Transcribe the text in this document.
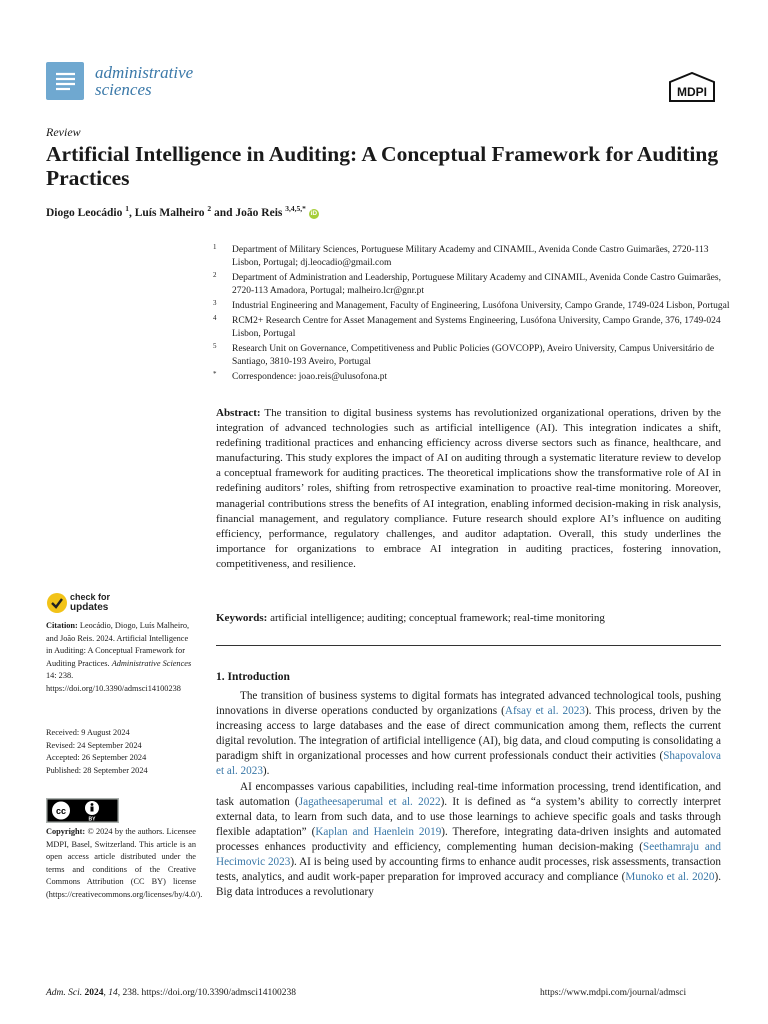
administrative
sciences	MDPI
Review
Artificial Intelligence in Auditing: A Conceptual Framework for Auditing Practices
Diogo Leocádio $^1$, Luís Malheiro $^2$ and João Reis $^{3,4,5,*}$ iD
1 Department of Military Sciences, Portuguese Military Academy and CINAMIL, Avenida Conde Castro Guimarães, 2720-113 Lisbon, Portugal; dj.leocadio@gmail.com
2 Department of Administration and Leadership, Portuguese Military Academy and CINAMIL, Avenida Conde Castro Guimarães, 2720-113 Amadora, Portugal; malheiro.lcr@gnr.pt
3 Industrial Engineering and Management, Faculty of Engineering, Lusófona University, Campo Grande, 1749-024 Lisbon, Portugal
4 RCM2+ Research Centre for Asset Management and Systems Engineering, Lusófona University, Campo Grande, 376, 1749-024 Lisbon, Portugal
5 Research Unit on Governance, Competitiveness and Public Policies (GOVCOPP), Aveiro University, Campus Universitário de Santiago, 3810-193 Aveiro, Portugal
* Correspondence: joao.reis@ulusofona.pt
Abstract: The transition to digital business systems has revolutionized organizational operations, driven by the integration of advanced technologies such as artificial intelligence (AI). This integration indicates a shift, redefining traditional practices and enhancing efficiency across diverse sectors such as finance, healthcare, and manufacturing. This study explores the impact of AI on auditing through a systematic literature review to develop a conceptual framework for auditing practices. The theoretical implications show the transformative role of AI in redefining auditors’ roles, shifting from retrospective examination to proactive real-time monitoring. Moreover, managerial contributions stress the benefits of AI integration, enabling informed decision-making in risk analysis, financial management, and regulatory compliance. Future research should explore AI’s influence on auditing efficiency, performance, regulatory challenges, and auditor adaptation. Overall, this study underlines the importance for organizations to embrace AI integration in auditing practices, fostering innovation, competitiveness, and resilience.
Keywords: artificial intelligence; auditing; conceptual framework; real-time monitoring
1. Introduction

The transition of business systems to digital formats has integrated advanced technological tools, pushing innovations in diverse operations conducted by organizations (Afsay et al. 2023). This process, driven by the increasing access to large databases and the ease of direct communication among them, reflects the current digital revolution. The integration of artificial intelligence (AI), big data, and cloud computing is consolidating a paradigm shift in organizational processes and how current professionals conduct their activities (Shapovalova et al. 2023).

AI encompasses various capabilities, including real-time information processing, trend identification, and task automation (Jagatheesaperumal et al. 2022). It is defined as “a system’s ability to correctly interpret external data, to learn from such data, and to use those learnings to achieve specific goals and tasks through flexible adaptation” (Kaplan and Haenlein 2019). Therefore, integrating data-driven insights and automated processes enhances productivity and efficiency, complementing human decision-making (Seethamraju and Hecimovic 2023). AI is being used by accounting firms to enhance audit processes, risk assessments, transaction tests, analytics, and audit work-paper preparation for improved accuracy and compliance (Munoko et al. 2020). Big data introduces a revolutionary

check for
updates
Citation: Leocádio, Diogo, Luís Malheiro, and João Reis. 2024. Artificial Intelligence in Auditing: A Conceptual Framework for Auditing Practices. Administrative Sciences 14: 238. https://doi.org/10.3390/admsci14100238
Received: 9 August 2024
Revised: 24 September 2024
Accepted: 26 September 2024
Published: 28 September 2024
cc
BY
Copyright: © 2024 by the authors. Licensee MDPI, Basel, Switzerland. This article is an open access article distributed under the terms and conditions of the Creative Commons Attribution (CC BY) license (https://creativecommons.org/licenses/by/4.0/).
Adm. Sci. 2024, 14, 238. https://doi.org/10.3390/admsci14100238	https://www.mdpi.com/journal/admsci
